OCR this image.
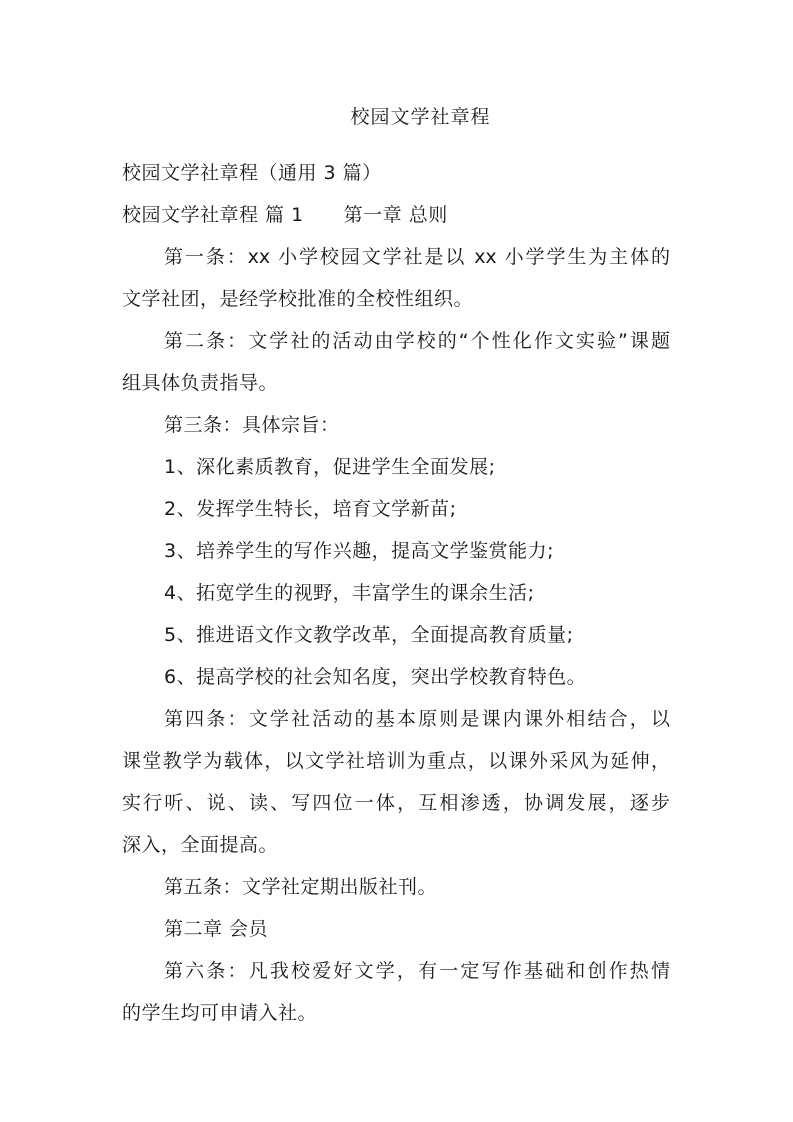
校园文学社章程
校园文学社章程（通用 3 篇）
校园文学社章程 篇 1 第一章 总则
第一条：xx 小学校园文学社是以 xx 小学学生为主体的
文学社团，是经学校批准的全校性组织。
第二条：文学社的活动由学校的“个性化作文实验”课题
组具体负责指导。
第三条：具体宗旨：
1、深化素质教育，促进学生全面发展;
2、发挥学生特长，培育文学新苗;
3、培养学生的写作兴趣，提高文学鉴赏能力;
4、拓宽学生的视野，丰富学生的课余生活;
5、推进语文作文教学改革，全面提高教育质量;
6、提高学校的社会知名度，突出学校教育特色。
第四条：文学社活动的基本原则是课内课外相结合，以
课堂教学为载体，以文学社培训为重点，以课外采风为延伸，
实行听、说、读、写四位一体，互相渗透，协调发展，逐步
深入，全面提高。
第五条：文学社定期出版社刊。
第二章 会员
第六条：凡我校爱好文学，有一定写作基础和创作热情
的学生均可申请入社。
